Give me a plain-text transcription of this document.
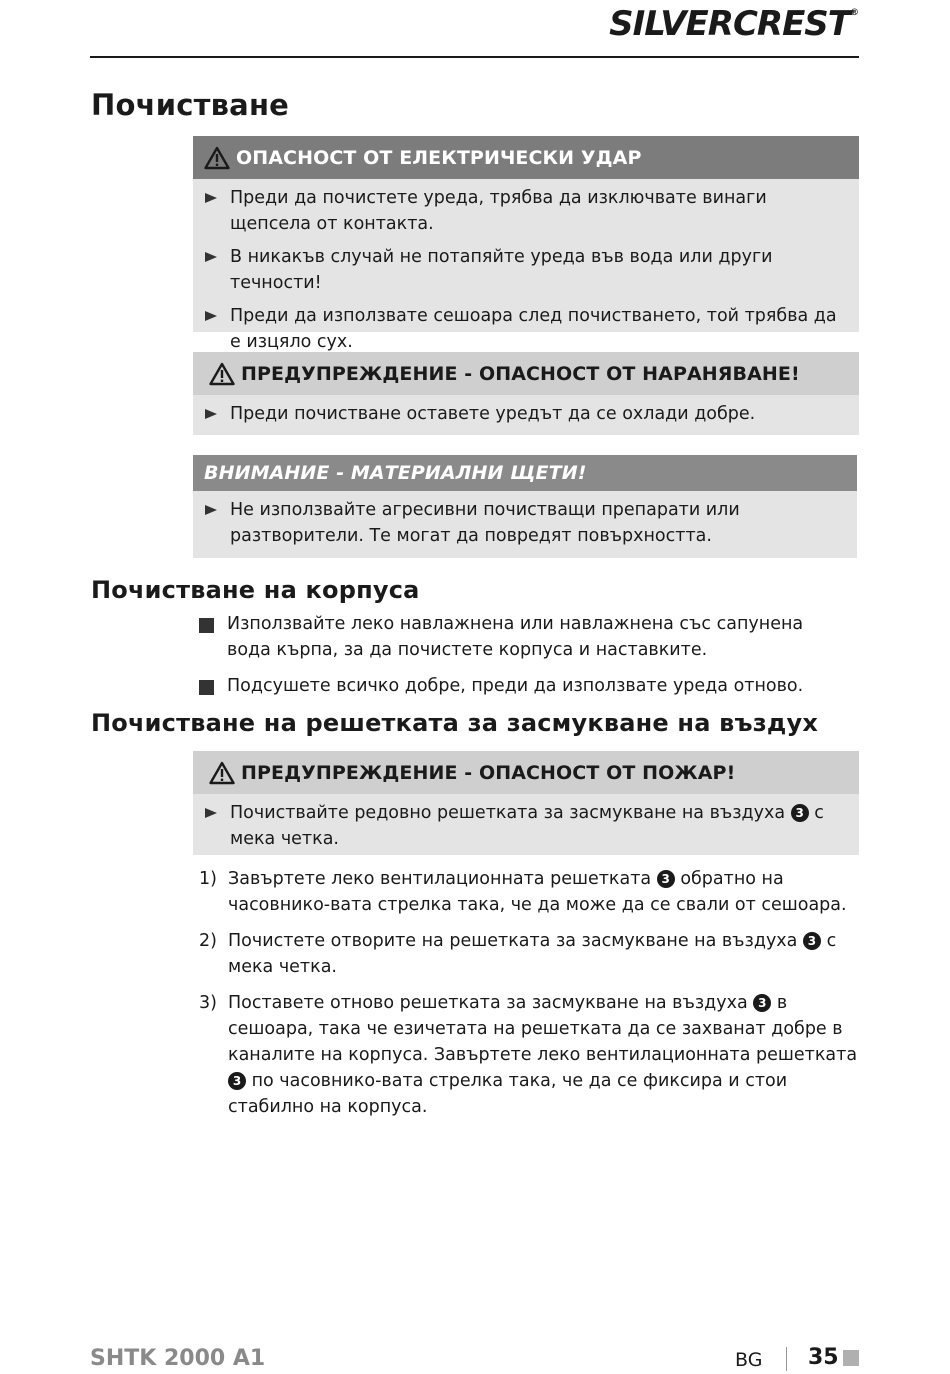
SILVERCREST®
Почистване
ОПАСНОСТ ОТ ЕЛЕКТРИЧЕСКИ УДАР
Преди да почистете уреда, трябва да изключвате винаги щепсела от контакта.
В никакъв случай не потапяйте уреда във вода или други течности!
Преди да използвате сешоара след почистването, той трябва да е изцяло сух.
ПРЕДУПРЕЖДЕНИЕ - ОПАСНОСТ ОТ НАРАНЯВАНЕ!
Преди почистване оставете уредът да се охлади добре.
ВНИМАНИЕ - МАТЕРИАЛНИ ЩЕТИ!
Не използвайте агресивни почистващи препарати или разтворители. Те могат да повредят повърхността.
Почистване на корпуса
Използвайте леко навлажнена или навлажнена със сапунена вода кърпа, за да почистете корпуса и наставките.
Подсушете всичко добре, преди да използвате уреда отново.
Почистване на решетката за засмукване на въздух
ПРЕДУПРЕЖДЕНИЕ - ОПАСНОСТ ОТ ПОЖАР!
Почиствайте редовно решетката за засмукване на въздуха 3 с мека четка.
1) Завъртете леко вентилационната решетката 3 обратно на часовнико-вата стрелка така, че да може да се свали от сешоара.
2) Почистете отворите на решетката за засмукване на въздуха 3 с мека четка.
3) Поставете отново решетката за засмукване на въздуха 3 в сешоара, така че езичетата на решетката да се захванат добре в каналите на корпуса. Завъртете леко вентилационната решетката 3 по часовнико-вата стрелка така, че да се фиксира и стои стабилно на корпуса.
SHTK 2000 A1	BG 35
